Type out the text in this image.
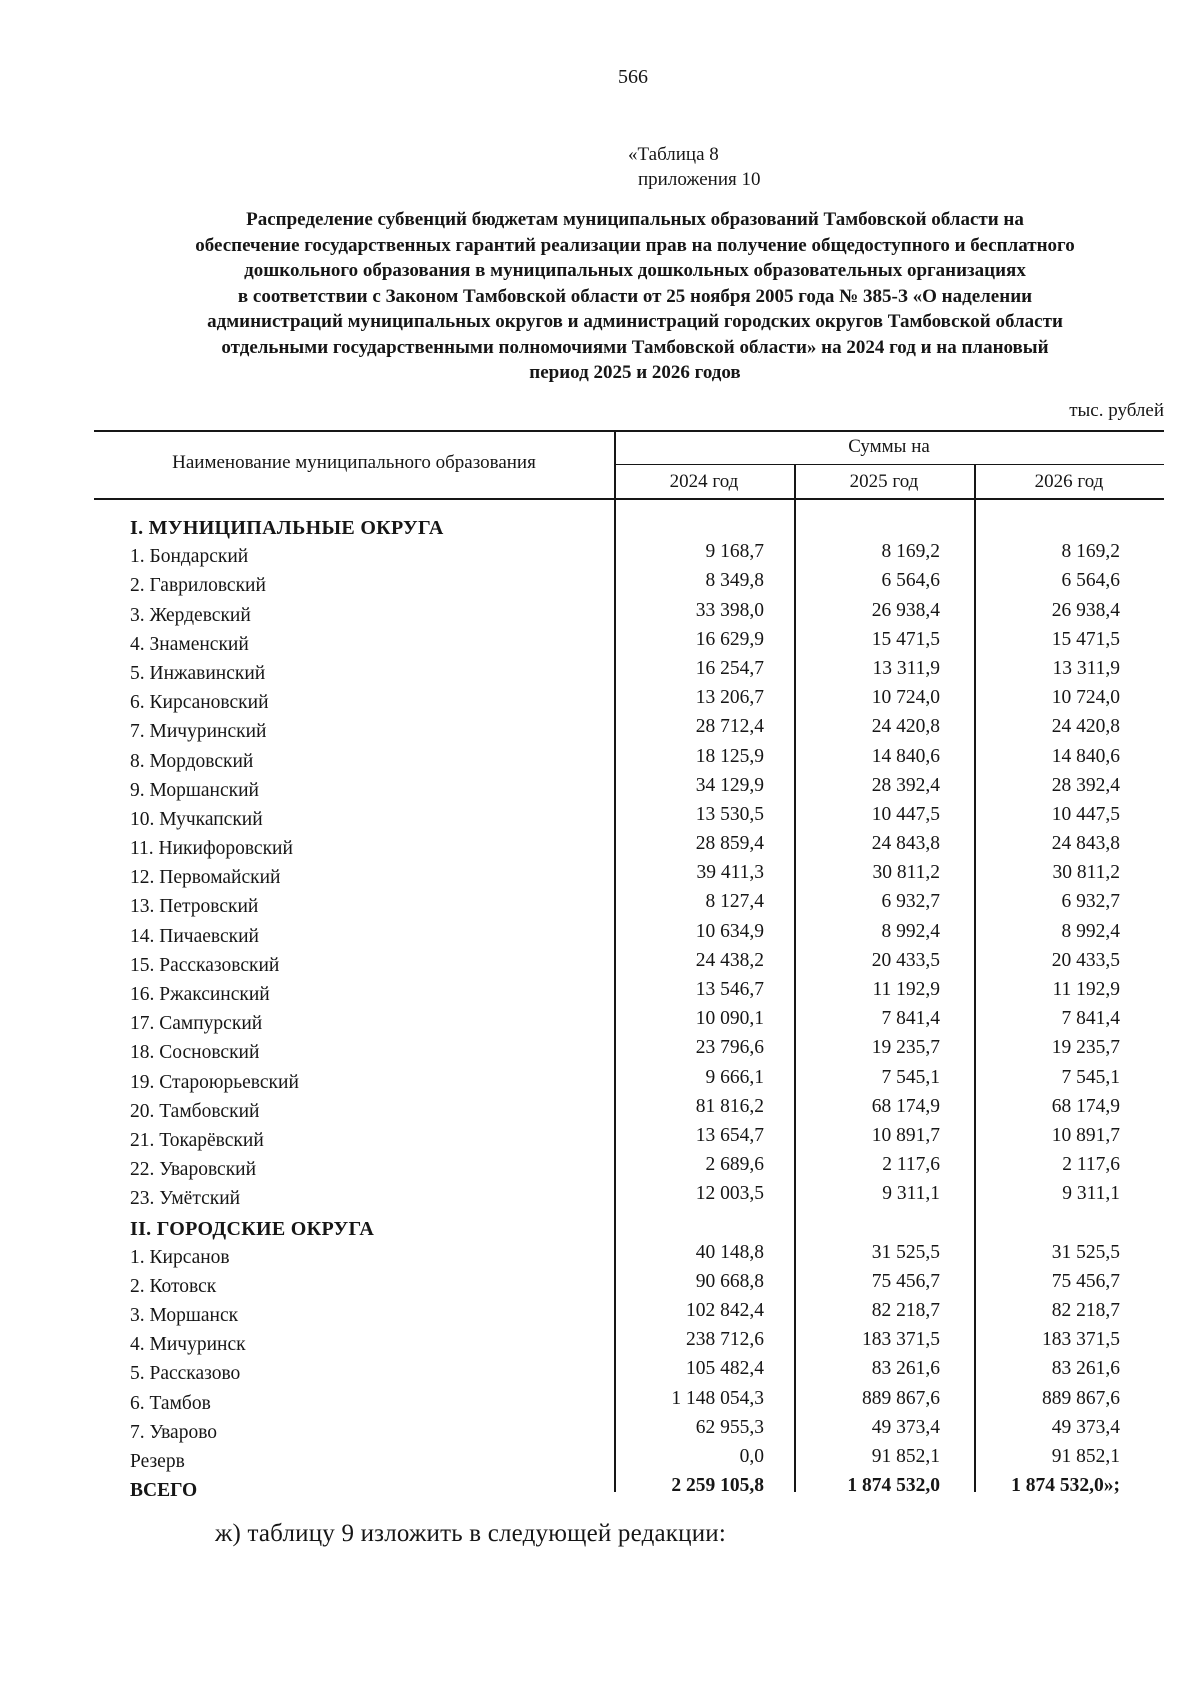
566
«Таблица 8
приложения 10
Распределение субвенций бюджетам муниципальных образований Тамбовской области на
обеспечение государственных гарантий реализации прав на получение общедоступного и бесплатного
дошкольного образования в муниципальных дошкольных образовательных организациях
в соответствии с Законом Тамбовской области от 25 ноября 2005 года № 385-З «О наделении
администраций муниципальных округов и администраций городских округов Тамбовской области
отдельными государственными полномочиями Тамбовской области» на 2024 год и на плановый
период 2025 и 2026 годов
тыс. рублей
Наименование муниципального образования
Суммы на
2024 год	2025 год	2026 год
I. МУНИЦИПАЛЬНЫЕ ОКРУГА
1. Бондарский	9 168,7	8 169,2	8 169,2
2. Гавриловский	8 349,8	6 564,6	6 564,6
3. Жердевский	33 398,0	26 938,4	26 938,4
4. Знаменский	16 629,9	15 471,5	15 471,5
5. Инжавинский	16 254,7	13 311,9	13 311,9
6. Кирсановский	13 206,7	10 724,0	10 724,0
7. Мичуринский	28 712,4	24 420,8	24 420,8
8. Мордовский	18 125,9	14 840,6	14 840,6
9. Моршанский	34 129,9	28 392,4	28 392,4
10. Мучкапский	13 530,5	10 447,5	10 447,5
11. Никифоровский	28 859,4	24 843,8	24 843,8
12. Первомайский	39 411,3	30 811,2	30 811,2
13. Петровский	8 127,4	6 932,7	6 932,7
14. Пичаевский	10 634,9	8 992,4	8 992,4
15. Рассказовский	24 438,2	20 433,5	20 433,5
16. Ржаксинский	13 546,7	11 192,9	11 192,9
17. Сампурский	10 090,1	7 841,4	7 841,4
18. Сосновский	23 796,6	19 235,7	19 235,7
19. Староюрьевский	9 666,1	7 545,1	7 545,1
20. Тамбовский	81 816,2	68 174,9	68 174,9
21. Токарёвский	13 654,7	10 891,7	10 891,7
22. Уваровский	2 689,6	2 117,6	2 117,6
23. Умётский	12 003,5	9 311,1	9 311,1
II. ГОРОДСКИЕ ОКРУГА
1. Кирсанов	40 148,8	31 525,5	31 525,5
2. Котовск	90 668,8	75 456,7	75 456,7
3. Моршанск	102 842,4	82 218,7	82 218,7
4. Мичуринск	238 712,6	183 371,5	183 371,5
5. Рассказово	105 482,4	83 261,6	83 261,6
6. Тамбов	1 148 054,3	889 867,6	889 867,6
7. Уварово	62 955,3	49 373,4	49 373,4
Резерв	0,0	91 852,1	91 852,1
ВСЕГО	2 259 105,8	1 874 532,0	1 874 532,0»;
ж) таблицу 9 изложить в следующей редакции:
